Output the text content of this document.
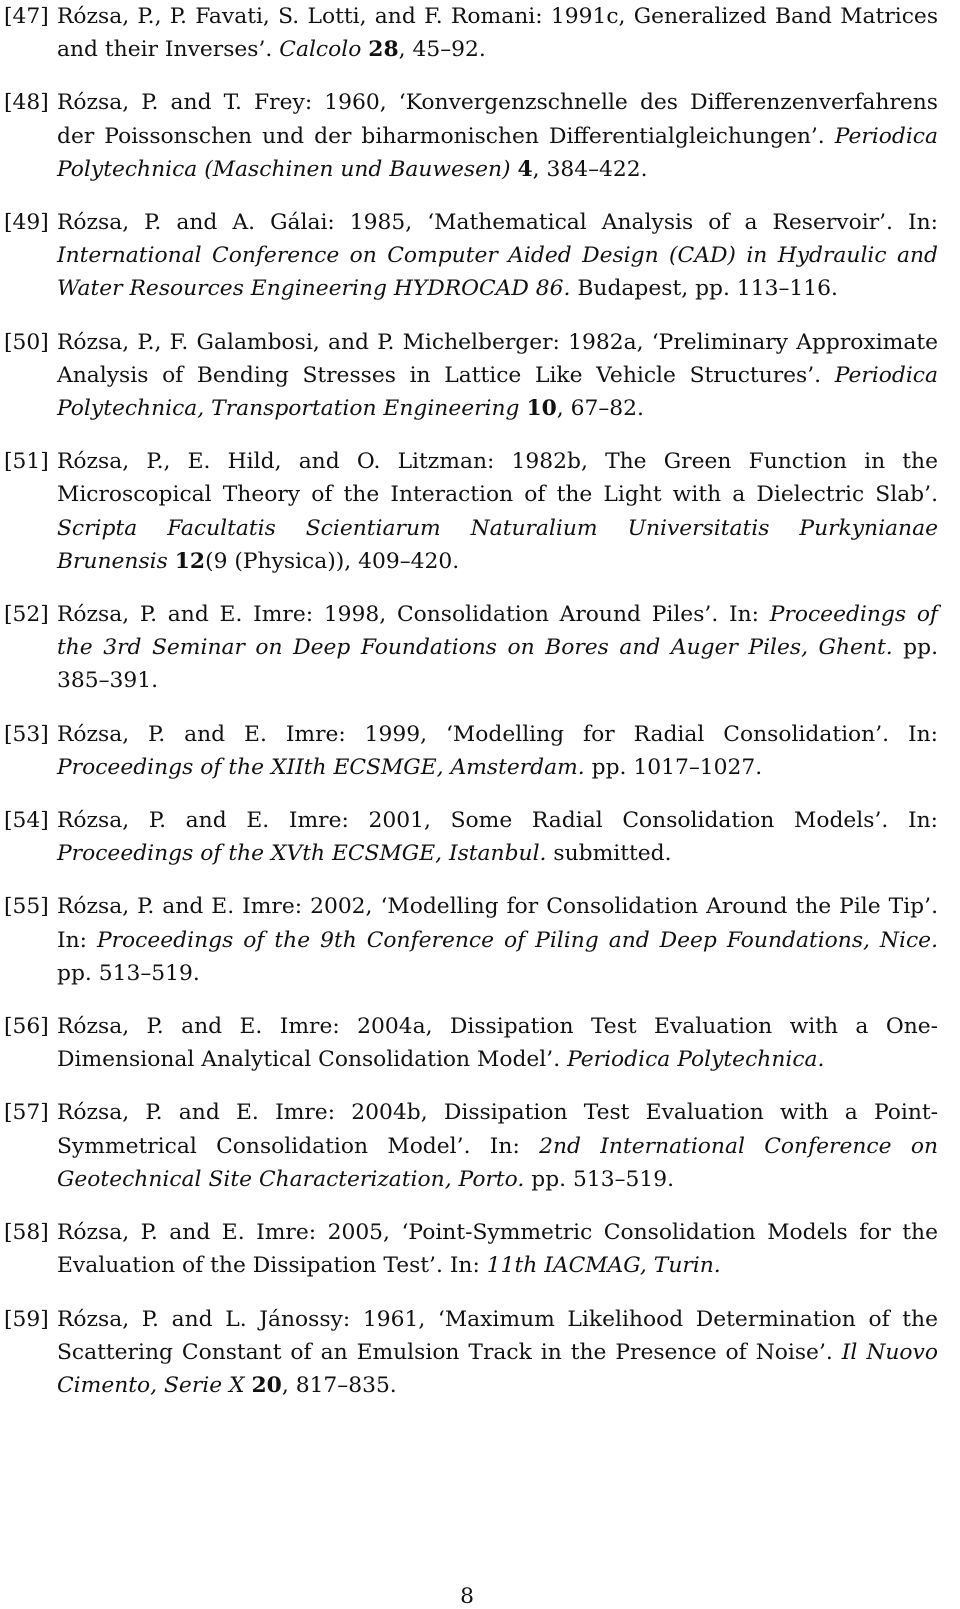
[47] Rózsa, P., P. Favati, S. Lotti, and F. Romani: 1991c, Generalized Band Matrices and their Inverses’. Calcolo 28, 45–92.
[48] Rózsa, P. and T. Frey: 1960, ‘Konvergenzschnelle des Differenzenverfahrens der Poissonschen und der biharmonischen Differentialgleichungen’. Periodica Polytechnica (Maschinen und Bauwesen) 4, 384–422.
[49] Rózsa, P. and A. Gálai: 1985, ‘Mathematical Analysis of a Reservoir’. In: International Conference on Computer Aided Design (CAD) in Hydraulic and Water Resources Engineering HYDROCAD 86. Budapest, pp. 113–116.
[50] Rózsa, P., F. Galambosi, and P. Michelberger: 1982a, ‘Preliminary Approximate Analysis of Bending Stresses in Lattice Like Vehicle Structures’. Periodica Polytechnica, Transportation Engineering 10, 67–82.
[51] Rózsa, P., E. Hild, and O. Litzman: 1982b, The Green Function in the Microscopical Theory of the Interaction of the Light with a Dielectric Slab’. Scripta Facultatis Scientiarum Naturalium Universitatis Purkynianae Brunensis 12(9 (Physica)), 409–420.
[52] Rózsa, P. and E. Imre: 1998, Consolidation Around Piles’. In: Proceedings of the 3rd Seminar on Deep Foundations on Bores and Auger Piles, Ghent. pp. 385–391.
[53] Rózsa, P. and E. Imre: 1999, ‘Modelling for Radial Consolidation’. In: Proceedings of the XIIth ECSMGE, Amsterdam. pp. 1017–1027.
[54] Rózsa, P. and E. Imre: 2001, Some Radial Consolidation Models’. In: Proceedings of the XVth ECSMGE, Istanbul. submitted.
[55] Rózsa, P. and E. Imre: 2002, ‘Modelling for Consolidation Around the Pile Tip’. In: Proceedings of the 9th Conference of Piling and Deep Foundations, Nice. pp. 513–519.
[56] Rózsa, P. and E. Imre: 2004a, Dissipation Test Evaluation with a One-Dimensional Analytical Consolidation Model’. Periodica Polytechnica.
[57] Rózsa, P. and E. Imre: 2004b, Dissipation Test Evaluation with a Point-Symmetrical Consolidation Model’. In: 2nd International Conference on Geotechnical Site Characterization, Porto. pp. 513–519.
[58] Rózsa, P. and E. Imre: 2005, ‘Point-Symmetric Consolidation Models for the Evaluation of the Dissipation Test’. In: 11th IACMAG, Turin.
[59] Rózsa, P. and L. Jánossy: 1961, ‘Maximum Likelihood Determination of the Scattering Constant of an Emulsion Track in the Presence of Noise’. Il Nuovo Cimento, Serie X 20, 817–835.
8
